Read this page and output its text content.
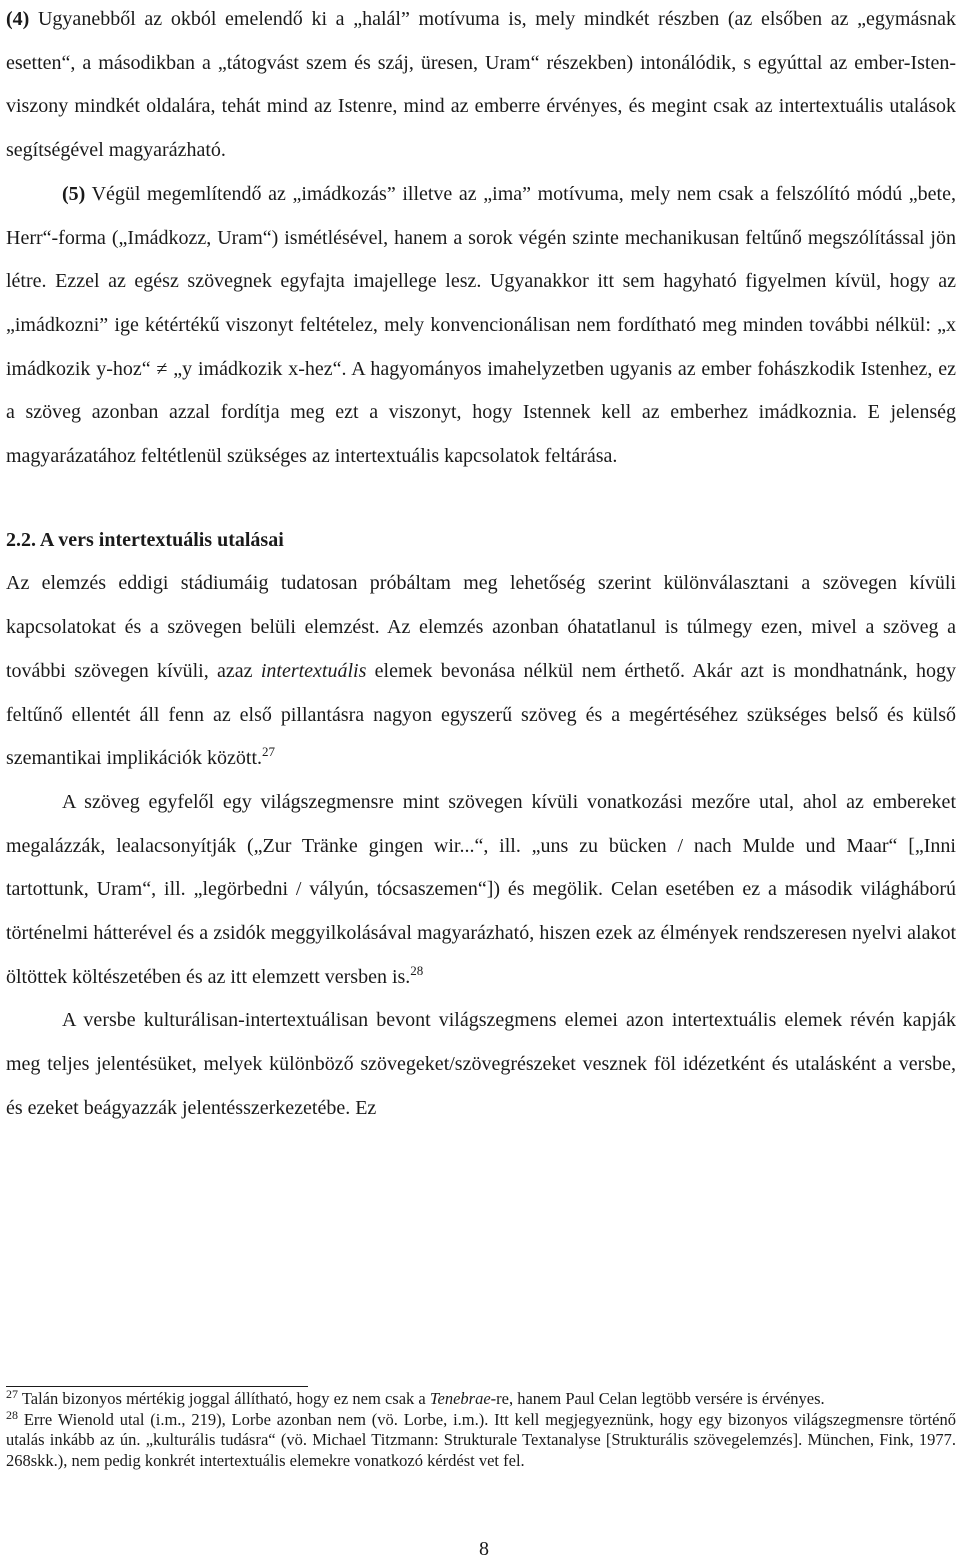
(4) Ugyanebből az okból emelendő ki a „halál” motívuma is, mely mindkét részben (az elsőben az „egymásnak esetten“, a másodikban a „tátogvást szem és száj, üresen, Uram“ részekben) intonálódik, s egyúttal az ember-Isten-viszony mindkét oldalára, tehát mind az Istenre, mind az emberre érvényes, és megint csak az intertextuális utalások segítségével magyarázható.

(5) Végül megemlítendő az „imádkozás” illetve az „ima” motívuma, mely nem csak a felszólító módú „bete, Herr“-forma („Imádkozz, Uram“) ismétlésével, hanem a sorok végén szinte mechanikusan feltűnő megszólítással jön létre. Ezzel az egész szövegnek egyfajta imajellege lesz. Ugyanakkor itt sem hagyható figyelmen kívül, hogy az „imádkozni” ige kétértékű viszonyt feltételez, mely konvencionálisan nem fordítható meg minden további nélkül: „x imádkozik y-hoz“ ≠ „y imádkozik x-hez“. A hagyományos imahelyzetben ugyanis az ember fohászkodik Istenhez, ez a szöveg azonban azzal fordítja meg ezt a viszonyt, hogy Istennek kell az emberhez imádkoznia. E jelenség magyarázatához feltétlenül szükséges az intertextuális kapcsolatok feltárása.

2.2. A vers intertextuális utalásai

Az elemzés eddigi stádiumáig tudatosan próbáltam meg lehetőség szerint különválasztani a szövegen kívüli kapcsolatokat és a szövegen belüli elemzést. Az elemzés azonban óhatatlanul is túlmegy ezen, mivel a szöveg a további szövegen kívüli, azaz intertextuális elemek bevonása nélkül nem érthető. Akár azt is mondhatnánk, hogy feltűnő ellentét áll fenn az első pillantásra nagyon egyszerű szöveg és a megértéséhez szükséges belső és külső szemantikai implikációk között.$^{27}$

A szöveg egyfelől egy világszegmensre mint szövegen kívüli vonatkozási mezőre utal, ahol az embereket megalázzák, lealacsonyítják („Zur Tränke gingen wir...“, ill. „uns zu bücken / nach Mulde und Maar“ [„Inni tartottunk, Uram“, ill. „legörbedni / vályún, tócsaszemen“]) és megölik. Celan esetében ez a második világháború történelmi hátterével és a zsidók meggyilkolásával magyarázható, hiszen ezek az élmények rendszeresen nyelvi alakot öltöttek költészetében és az itt elemzett versben is.$^{28}$

A versbe kulturálisan-intertextuálisan bevont világszegmens elemei azon intertextuális elemek révén kapják meg teljes jelentésüket, melyek különböző szövegeket/szövegrészeket vesznek föl idézetként és utalásként a versbe, és ezeket beágyazzák jelentésszerkezetébe. Ez

$^{27}$ Talán bizonyos mértékig joggal állítható, hogy ez nem csak a Tenebrae-re, hanem Paul Celan legtöbb versére is érvényes.

$^{28}$ Erre Wienold utal (i.m., 219), Lorbe azonban nem (vö. Lorbe, i.m.). Itt kell megjegyeznünk, hogy egy bizonyos világszegmensre történő utalás inkább az ún. „kulturális tudásra“ (vö. Michael Titzmann: Strukturale Textanalyse [Strukturális szövegelemzés]. München, Fink, 1977. 268skk.), nem pedig konkrét intertextuális elemekre vonatkozó kérdést vet fel.

8
